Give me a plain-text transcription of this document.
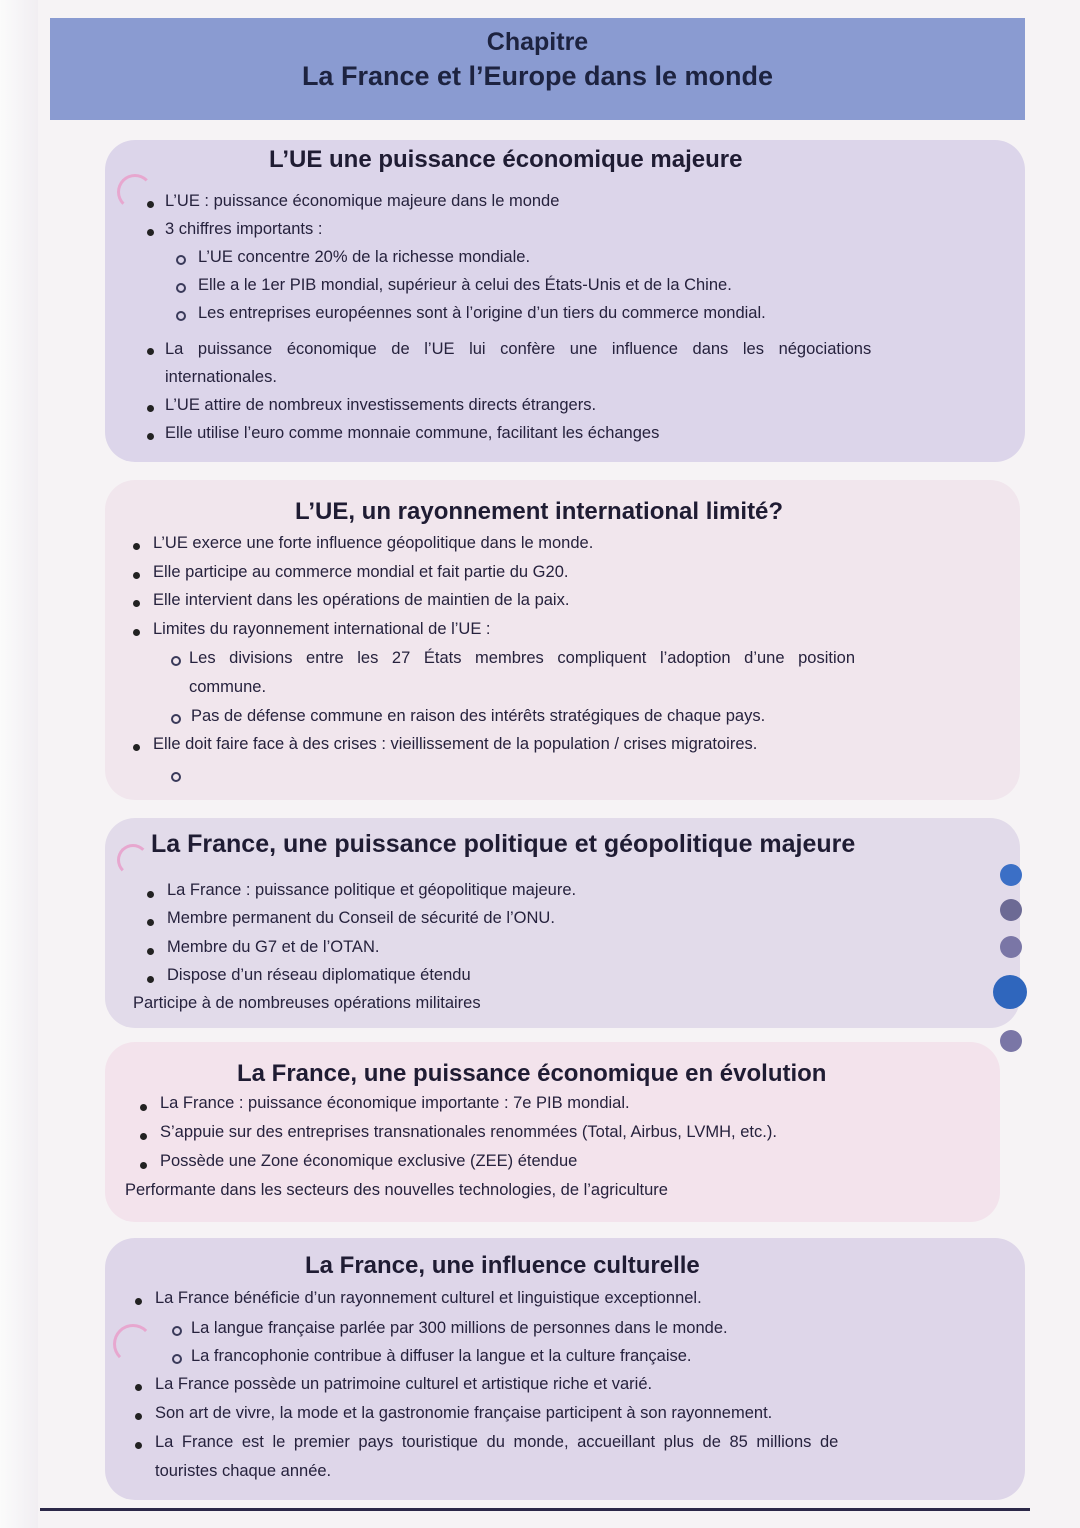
Chapitre
La France et l’Europe dans le monde
L’UE une puissance économique majeure
L’UE : puissance économique majeure dans le monde
3 chiffres importants :
L’UE concentre 20% de la richesse mondiale.
Elle a le 1er PIB mondial, supérieur à celui des États-Unis et de la Chine.
Les entreprises européennes sont à l’origine d’un tiers du commerce mondial.
La puissance économique de l’UE lui confère une influence dans les négociations
internationales.
L’UE attire de nombreux investissements directs étrangers.
Elle utilise l’euro comme monnaie commune, facilitant les échanges
L’UE, un rayonnement international limité?
L’UE exerce une forte influence géopolitique dans le monde.
Elle participe au commerce mondial et fait partie du G20.
Elle intervient dans les opérations de maintien de la paix.
Limites du rayonnement international de l’UE :
Les divisions entre les 27 États membres compliquent l’adoption d’une position
commune.
Pas de défense commune en raison des intérêts stratégiques de chaque pays.
Elle doit faire face à des crises : vieillissement de la population / crises migratoires.
La France, une puissance politique et géopolitique majeure
La France : puissance politique et géopolitique majeure.
Membre permanent du Conseil de sécurité de l’ONU.
Membre du G7 et de l’OTAN.
Dispose d’un réseau diplomatique étendu
Participe à de nombreuses opérations militaires
La France, une puissance économique en évolution
La France : puissance économique importante : 7e PIB mondial.
S’appuie sur des entreprises transnationales renommées (Total, Airbus, LVMH, etc.).
Possède une Zone économique exclusive (ZEE) étendue
Performante dans les secteurs des nouvelles technologies, de l’agriculture
La France, une influence culturelle
La France bénéficie d’un rayonnement culturel et linguistique exceptionnel.
La langue française parlée par 300 millions de personnes dans le monde.
La francophonie contribue à diffuser la langue et la culture française.
La France possède un patrimoine culturel et artistique riche et varié.
Son art de vivre, la mode et la gastronomie française participent à son rayonnement.
La France est le premier pays touristique du monde, accueillant plus de 85 millions de
touristes chaque année.
